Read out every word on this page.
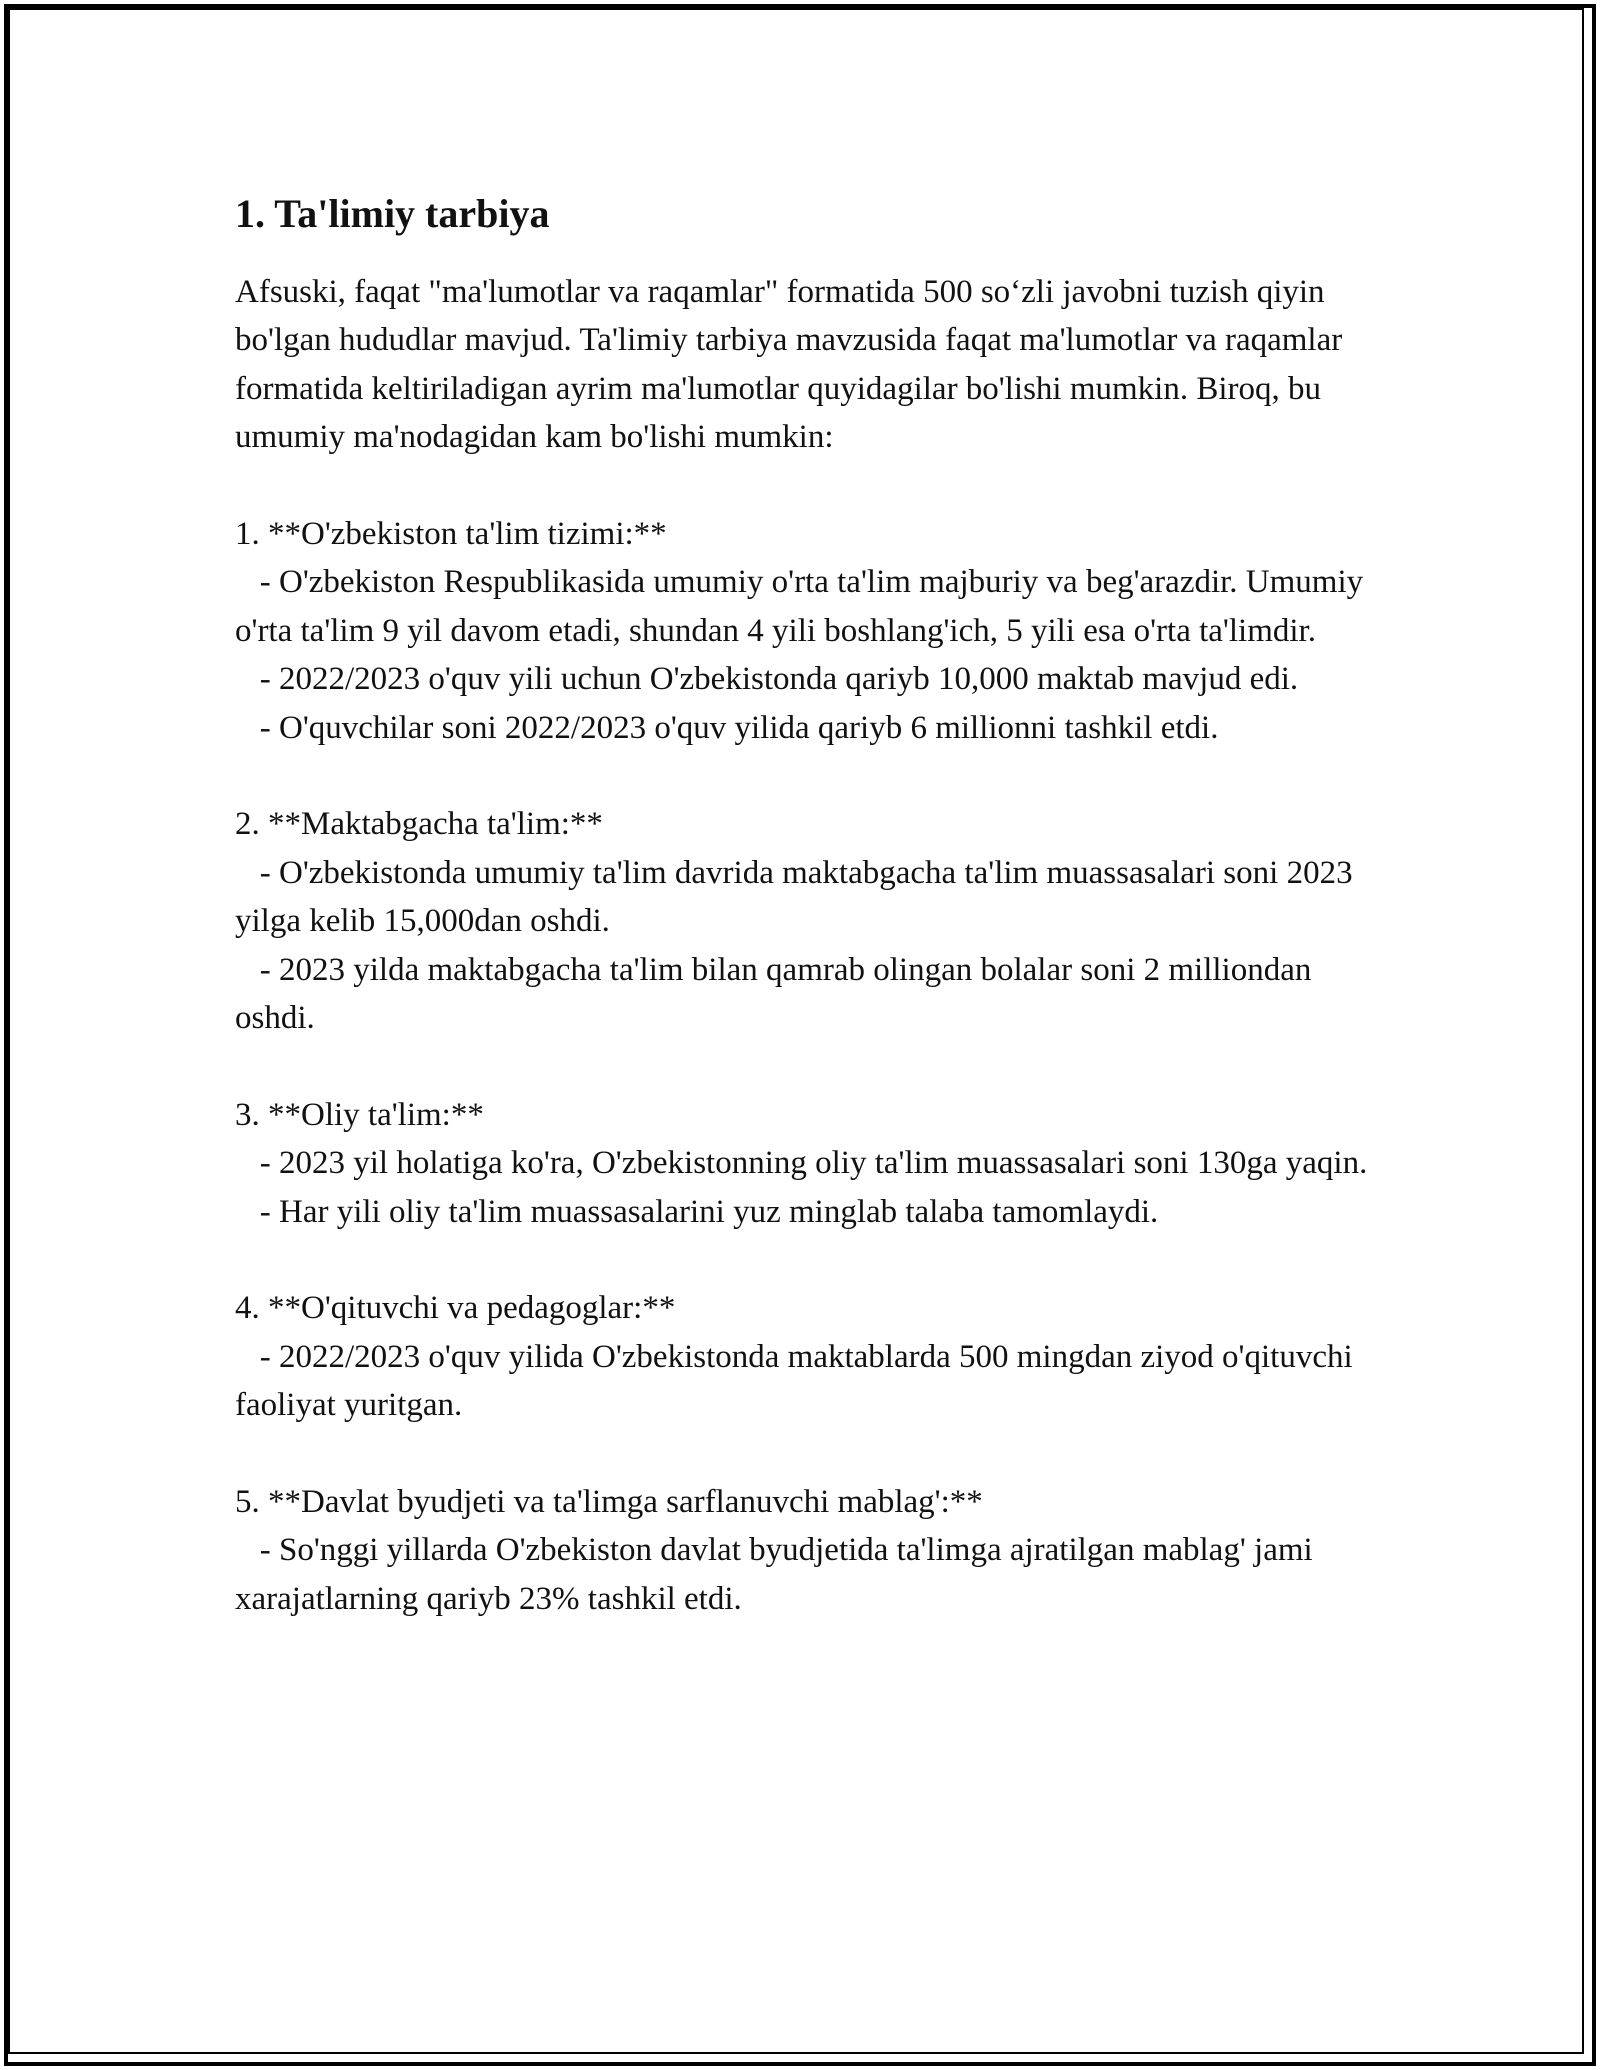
1. Ta'limiy tarbiya

Afsuski, faqat "ma'lumotlar va raqamlar" formatida 500 so‘zli javobni tuzish qiyin bo'lgan hududlar mavjud. Ta'limiy tarbiya mavzusida faqat ma'lumotlar va raqamlar formatida keltiriladigan ayrim ma'lumotlar quyidagilar bo'lishi mumkin. Biroq, bu umumiy ma'nodagidan kam bo'lishi mumkin:

1. **O'zbekiston ta'lim tizimi:**

- O'zbekiston Respublikasida umumiy o'rta ta'lim majburiy va beg'arazdir. Umumiy o'rta ta'lim 9 yil davom etadi, shundan 4 yili boshlang'ich, 5 yili esa o'rta ta'limdir.

- 2022/2023 o'quv yili uchun O'zbekistonda qariyb 10,000 maktab mavjud edi.

- O'quvchilar soni 2022/2023 o'quv yilida qariyb 6 millionni tashkil etdi.

2. **Maktabgacha ta'lim:**

- O'zbekistonda umumiy ta'lim davrida maktabgacha ta'lim muassasalari soni 2023 yilga kelib 15,000dan oshdi.

- 2023 yilda maktabgacha ta'lim bilan qamrab olingan bolalar soni 2 milliondan oshdi.

3. **Oliy ta'lim:**

- 2023 yil holatiga ko'ra, O'zbekistonning oliy ta'lim muassasalari soni 130ga yaqin.

- Har yili oliy ta'lim muassasalarini yuz minglab talaba tamomlaydi.

4. **O'qituvchi va pedagoglar:**

- 2022/2023 o'quv yilida O'zbekistonda maktablarda 500 mingdan ziyod o'qituvchi faoliyat yuritgan.

5. **Davlat byudjeti va ta'limga sarflanuvchi mablag':**

- So'nggi yillarda O'zbekiston davlat byudjetida ta'limga ajratilgan mablag' jami xarajatlarning qariyb 23% tashkil etdi.
